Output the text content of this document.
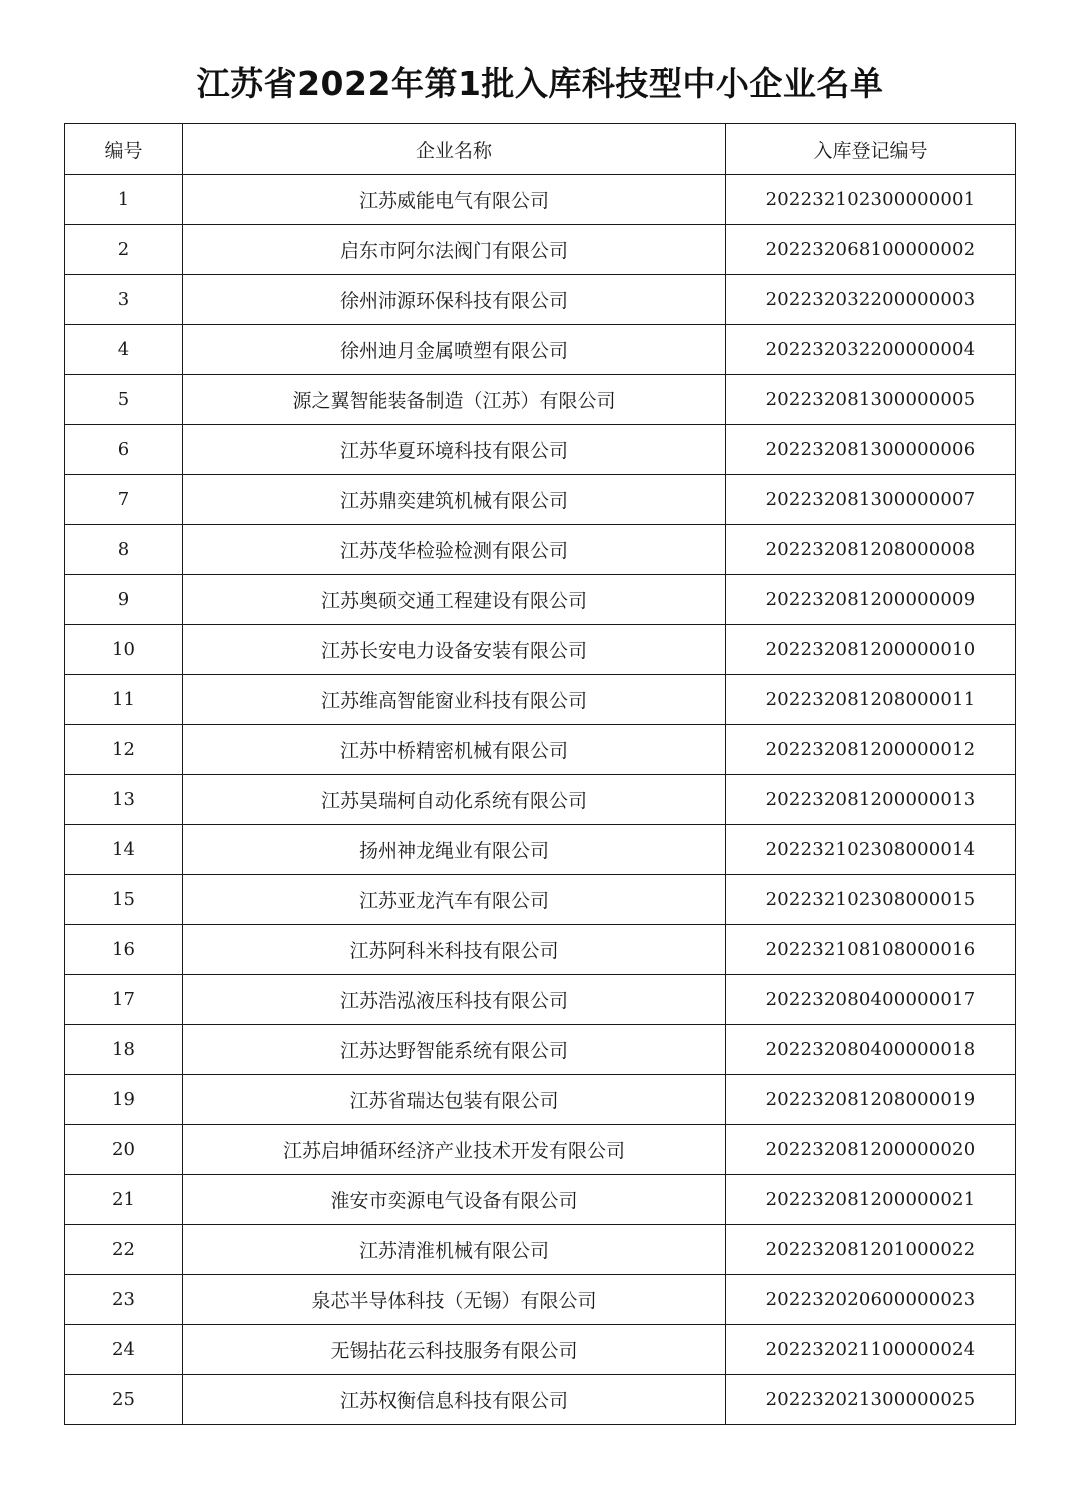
江苏省2022年第1批入库科技型中小企业名单
编号	企业名称	入库登记编号
1	江苏威能电气有限公司	202232102300000001
2	启东市阿尔法阀门有限公司	202232068100000002
3	徐州沛源环保科技有限公司	202232032200000003
4	徐州迪月金属喷塑有限公司	202232032200000004
5	源之翼智能装备制造（江苏）有限公司	202232081300000005
6	江苏华夏环境科技有限公司	202232081300000006
7	江苏鼎奕建筑机械有限公司	202232081300000007
8	江苏茂华检验检测有限公司	202232081208000008
9	江苏奥硕交通工程建设有限公司	202232081200000009
10	江苏长安电力设备安装有限公司	202232081200000010
11	江苏维高智能窗业科技有限公司	202232081208000011
12	江苏中桥精密机械有限公司	202232081200000012
13	江苏昊瑞柯自动化系统有限公司	202232081200000013
14	扬州神龙绳业有限公司	202232102308000014
15	江苏亚龙汽车有限公司	202232102308000015
16	江苏阿科米科技有限公司	202232108108000016
17	江苏浩泓液压科技有限公司	202232080400000017
18	江苏达野智能系统有限公司	202232080400000018
19	江苏省瑞达包装有限公司	202232081208000019
20	江苏启坤循环经济产业技术开发有限公司	202232081200000020
21	淮安市奕源电气设备有限公司	202232081200000021
22	江苏清淮机械有限公司	202232081201000022
23	泉芯半导体科技（无锡）有限公司	202232020600000023
24	无锡拈花云科技服务有限公司	202232021100000024
25	江苏权衡信息科技有限公司	202232021300000025
